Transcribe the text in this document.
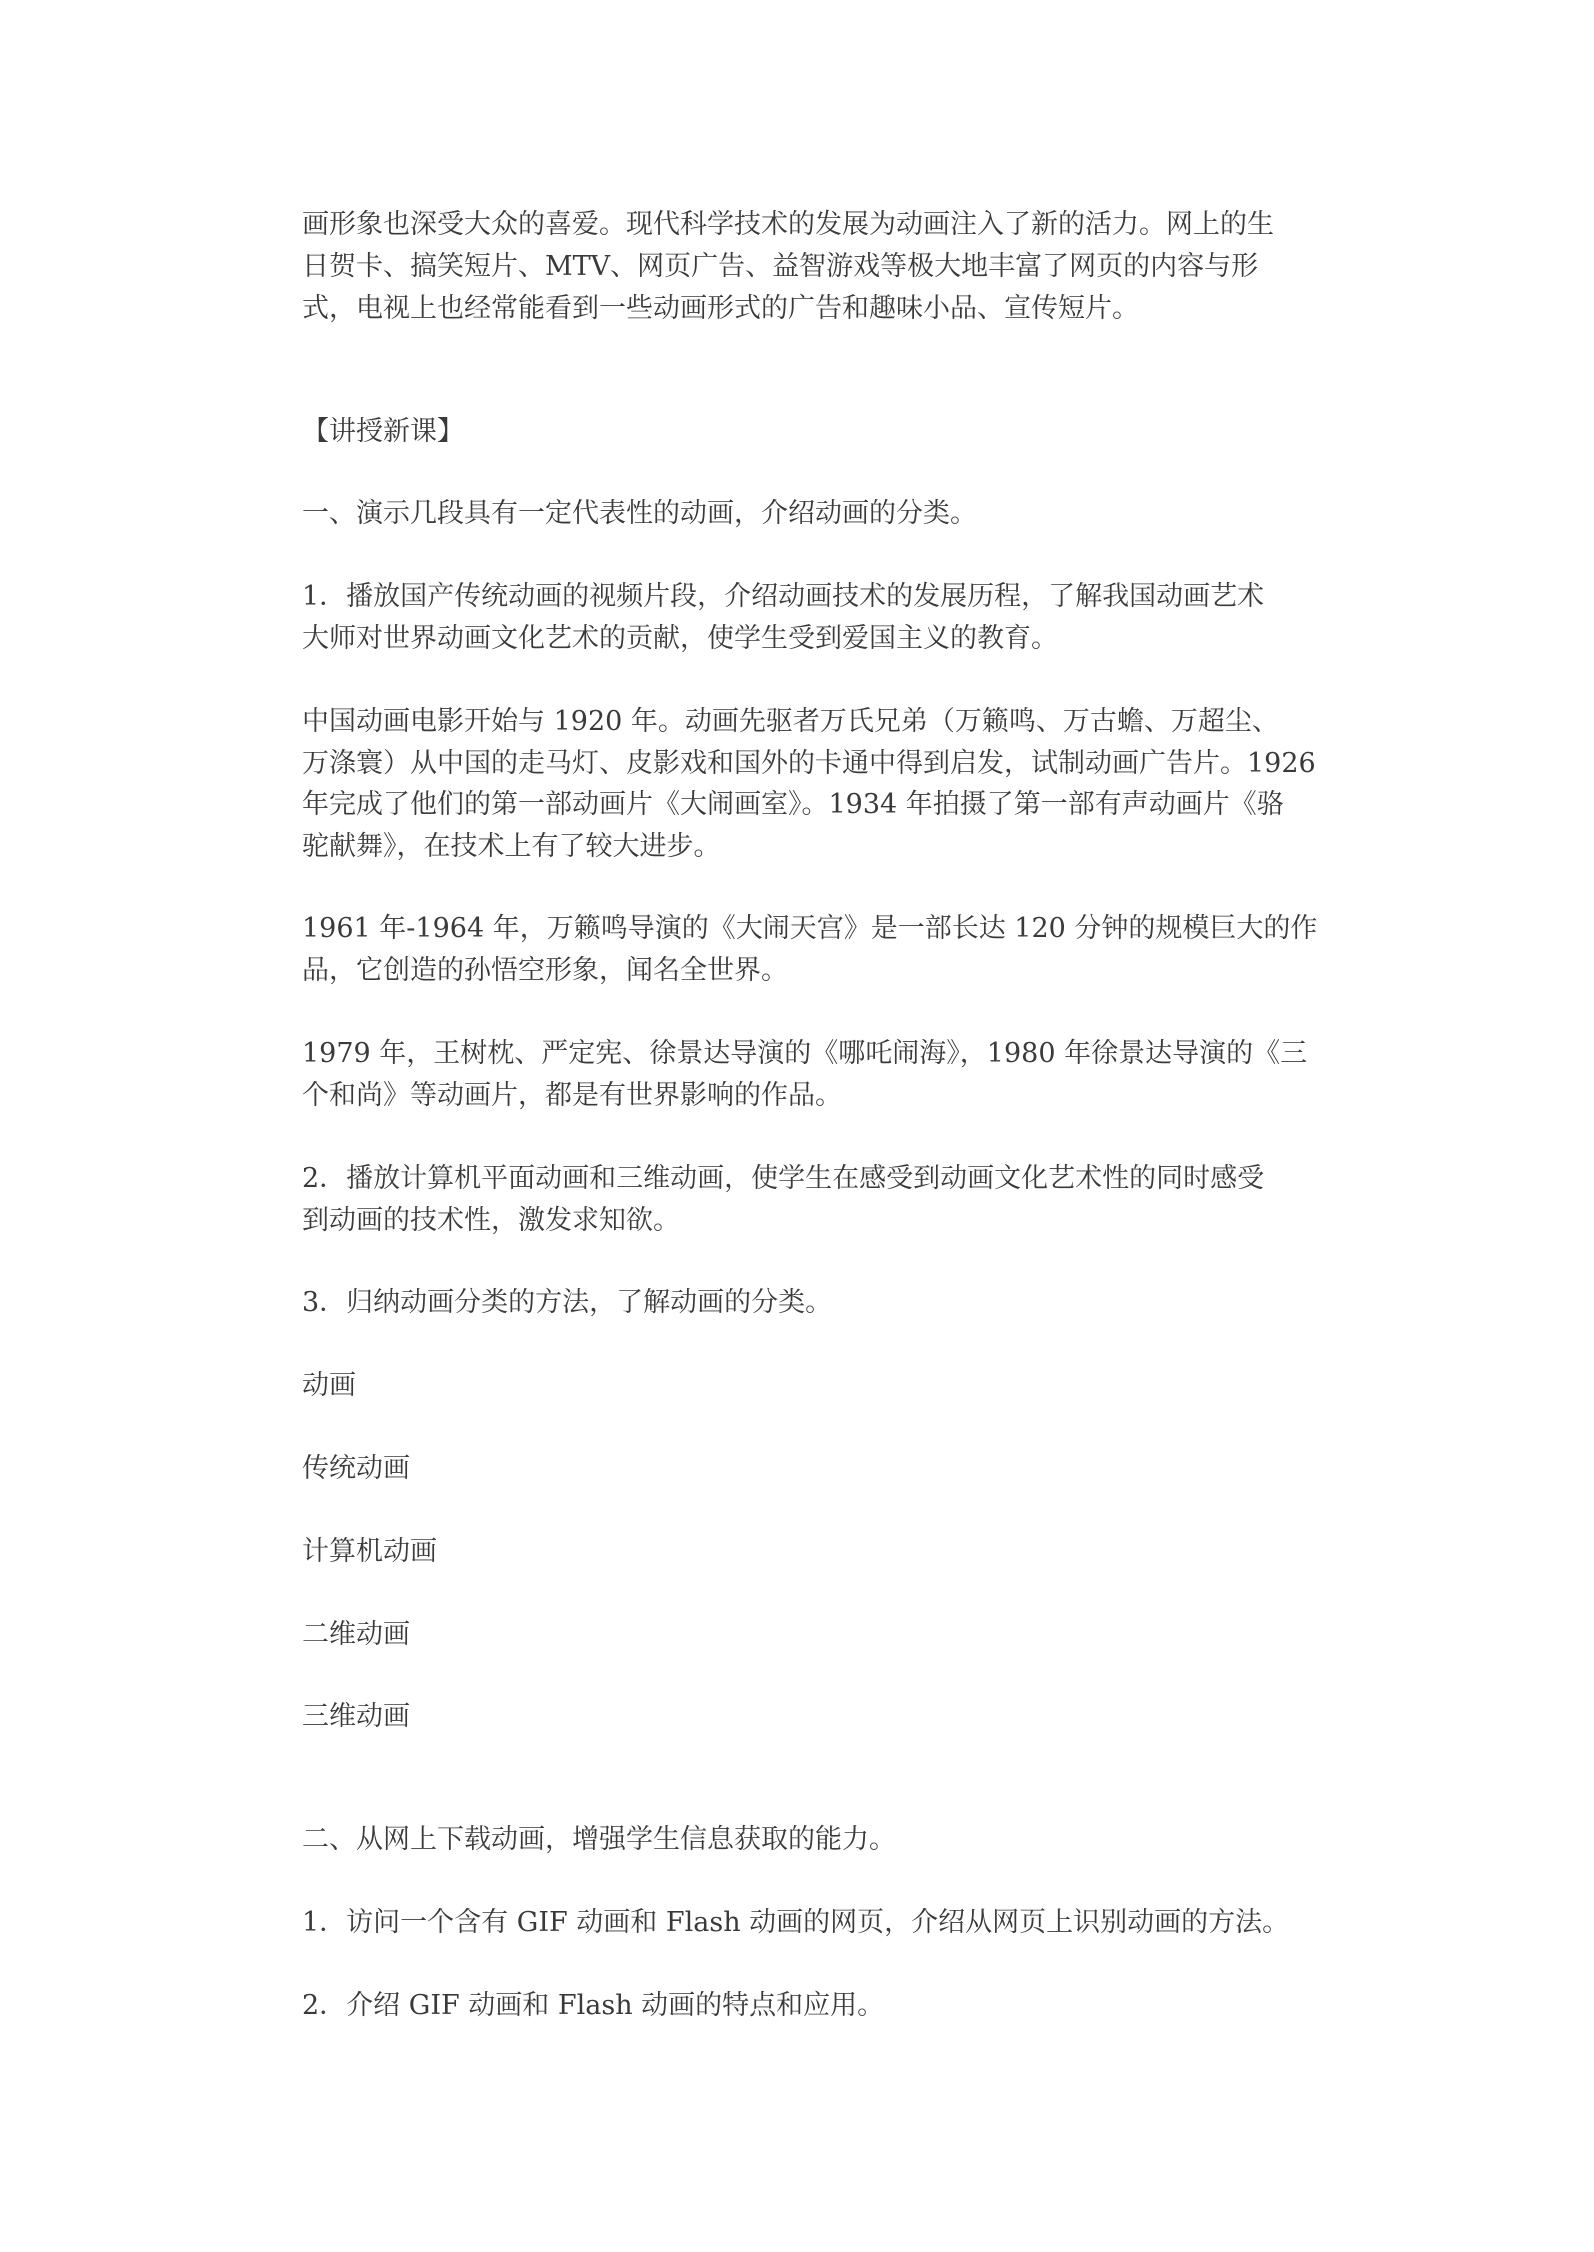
画形象也深受大众的喜爱。现代科学技术的发展为动画注入了新的活力。网上的生
日贺卡、搞笑短片、MTV、网页广告、益智游戏等极大地丰富了网页的内容与形
式，电视上也经常能看到一些动画形式的广告和趣味小品、宣传短片。
【讲授新课】
一、演示几段具有一定代表性的动画，介绍动画的分类。
1．播放国产传统动画的视频片段，介绍动画技术的发展历程，了解我国动画艺术
大师对世界动画文化艺术的贡献，使学生受到爱国主义的教育。
中国动画电影开始与 1920 年。动画先驱者万氏兄弟（万籁鸣、万古蟾、万超尘、
万涤寰）从中国的走马灯、皮影戏和国外的卡通中得到启发，试制动画广告片。1926
年完成了他们的第一部动画片《大闹画室》。1934 年拍摄了第一部有声动画片《骆
驼献舞》，在技术上有了较大进步。
1961 年-1964 年，万籁鸣导演的《大闹天宫》是一部长达 120 分钟的规模巨大的作
品，它创造的孙悟空形象，闻名全世界。
1979 年，王树枕、严定宪、徐景达导演的《哪吒闹海》，1980 年徐景达导演的《三
个和尚》等动画片，都是有世界影响的作品。
2．播放计算机平面动画和三维动画，使学生在感受到动画文化艺术性的同时感受
到动画的技术性，激发求知欲。
3．归纳动画分类的方法，了解动画的分类。
动画
传统动画
计算机动画
二维动画
三维动画
二、从网上下载动画，增强学生信息获取的能力。
1．访问一个含有 GIF 动画和 Flash 动画的网页，介绍从网页上识别动画的方法。
2．介绍 GIF 动画和 Flash 动画的特点和应用。
